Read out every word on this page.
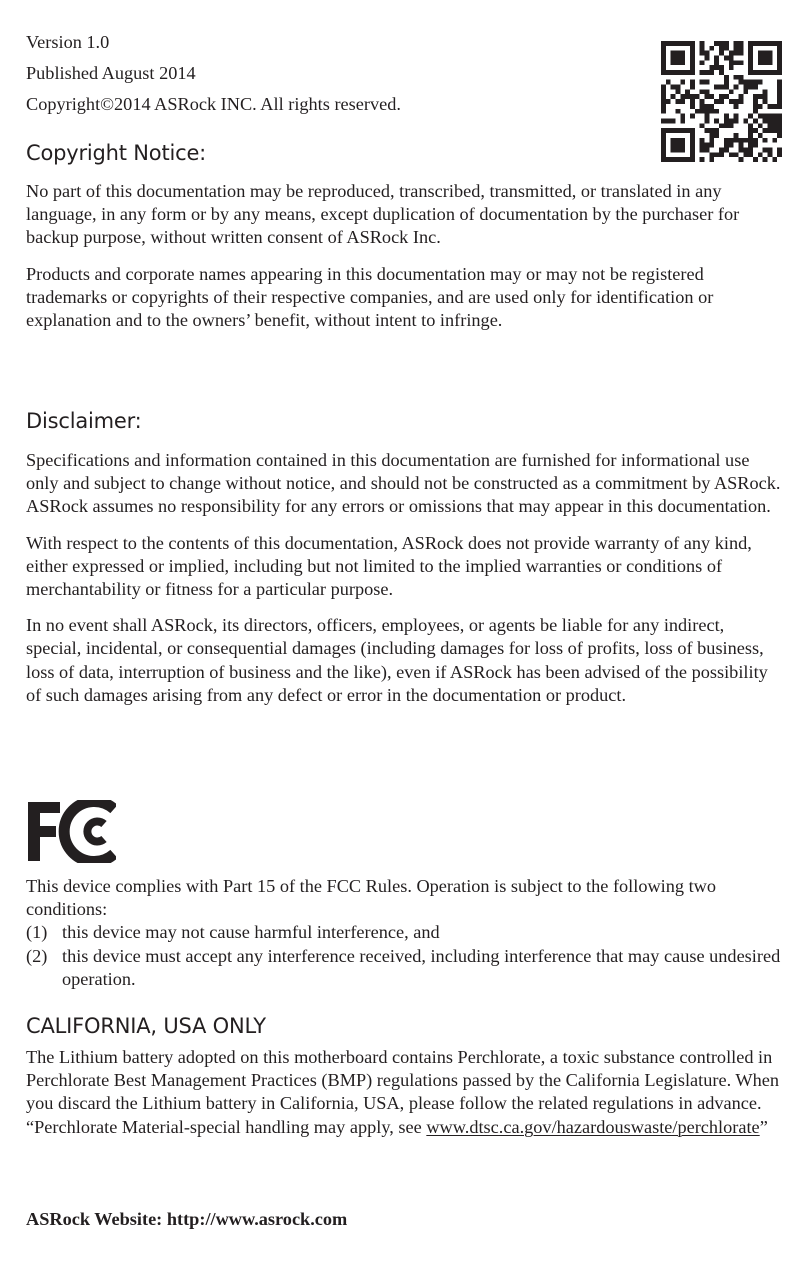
Version 1.0
Published August 2014
Copyright©2014 ASRock INC. All rights reserved.
Copyright Notice:

No part of this documentation may be reproduced, transcribed, transmitted, or translated in any language, in any form or by any means, except duplication of documentation by the purchaser for backup purpose, without written consent of ASRock Inc.

Products and corporate names appearing in this documentation may or may not be registered trademarks or copyrights of their respective companies, and are used only for identification or explanation and to the owners’ benefit, without intent to infringe.

Disclaimer:

Specifications and information contained in this documentation are furnished for informational use only and subject to change without notice, and should not be constructed as a commitment by ASRock. ASRock assumes no responsibility for any errors or omissions that may appear in this documentation.

With respect to the contents of this documentation, ASRock does not provide warranty of any kind, either expressed or implied, including but not limited to the implied warranties or conditions of merchantability or fitness for a particular purpose.

In no event shall ASRock, its directors, officers, employees, or agents be liable for any indirect, special, incidental, or consequential damages (including damages for loss of profits, loss of business, loss of data, interruption of business and the like), even if ASRock has been advised of the possibility of such damages arising from any defect or error in the documentation or product.

This device complies with Part 15 of the FCC Rules. Operation is subject to the following two conditions:

(1) this device may not cause harmful interference, and
(2) this device must accept any interference received, including interference that may cause undesired operation.
CALIFORNIA, USA ONLY

The Lithium battery adopted on this motherboard contains Perchlorate, a toxic substance controlled in Perchlorate Best Management Practices (BMP) regulations passed by the California Legislature. When you discard the Lithium battery in California, USA, please follow the related regulations in advance.

“Perchlorate Material-special handling may apply, see www.dtsc.ca.gov/hazardouswaste/perchlorate”

ASRock Website: http://www.asrock.com
